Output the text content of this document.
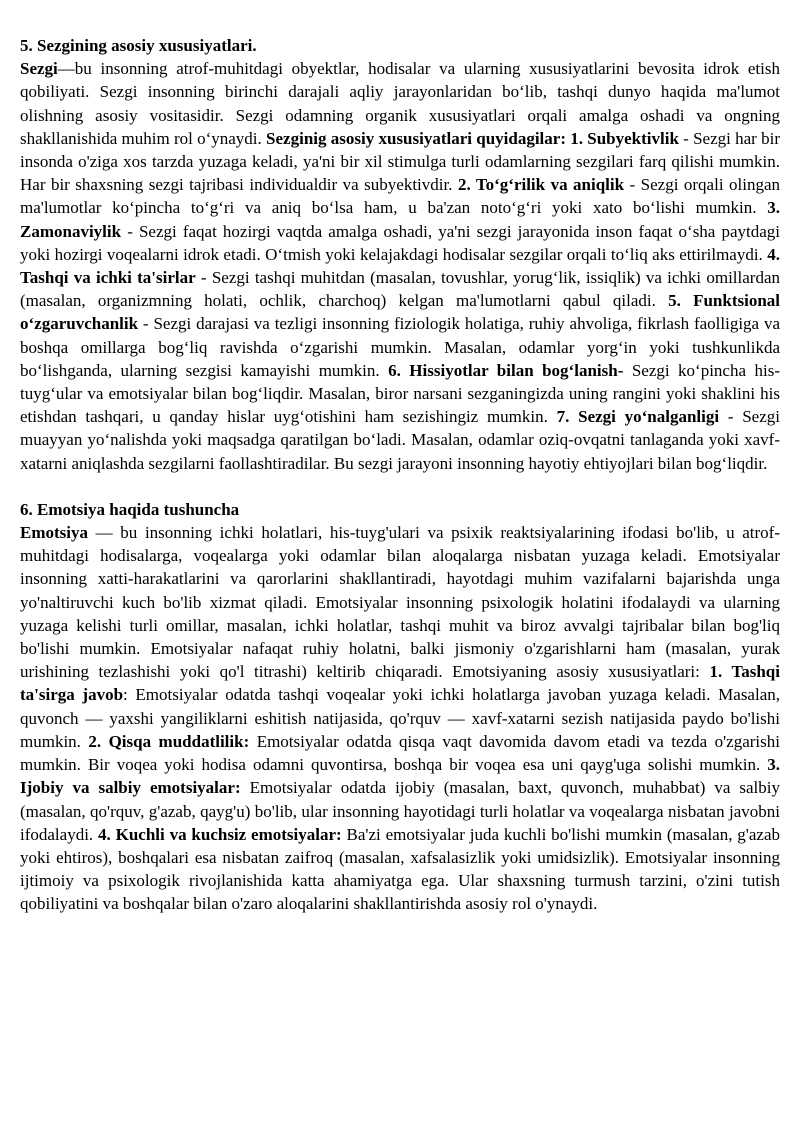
5. Sezgining asosiy xususiyatlari.

Sezgi—bu insonning atrof-muhitdagi obyektlar, hodisalar va ularning xususiyatlarini bevosita idrok etish qobiliyati. Sezgi insonning birinchi darajali aqliy jarayonlaridan bo‘lib, tashqi dunyo haqida ma'lumot olishning asosiy vositasidir. Sezgi odamning organik xususiyatlari orqali amalga oshadi va ongning shakllanishida muhim rol o‘ynaydi. Sezginig asosiy xususiyatlari quyidagilar: 1. Subyektivlik - Sezgi har bir insonda o'ziga xos tarzda yuzaga keladi, ya'ni bir xil stimulga turli odamlarning sezgilari farq qilishi mumkin. Har bir shaxsning sezgi tajribasi individualdir va subyektivdir. 2. To‘g‘rilik va aniqlik - Sezgi orqali olingan ma'lumotlar ko‘pincha to‘g‘ri va aniq bo‘lsa ham, u ba'zan noto‘g‘ri yoki xato bo‘lishi mumkin. 3. Zamonaviylik - Sezgi faqat hozirgi vaqtda amalga oshadi, ya'ni sezgi jarayonida inson faqat o‘sha paytdagi yoki hozirgi voqealarni idrok etadi. O‘tmish yoki kelajakdagi hodisalar sezgilar orqali to‘liq aks ettirilmaydi. 4. Tashqi va ichki ta'sirlar - Sezgi tashqi muhitdan (masalan, tovushlar, yorug‘lik, issiqlik) va ichki omillardan (masalan, organizmning holati, ochlik, charchoq) kelgan ma'lumotlarni qabul qiladi. 5. Funktsional o‘zgaruvchanlik - Sezgi darajasi va tezligi insonning fiziologik holatiga, ruhiy ahvoliga, fikrlash faolligiga va boshqa omillarga bog‘liq ravishda o‘zgarishi mumkin. Masalan, odamlar yorg‘in yoki tushkunlikda bo‘lishganda, ularning sezgisi kamayishi mumkin. 6. Hissiyotlar bilan bog‘lanish- Sezgi ko‘pincha his-tuyg‘ular va emotsiyalar bilan bog‘liqdir. Masalan, biror narsani sezganingizda uning rangini yoki shaklini his etishdan tashqari, u qanday hislar uyg‘otishini ham sezishingiz mumkin. 7. Sezgi yo‘nalganligi - Sezgi muayyan yo‘nalishda yoki maqsadga qaratilgan bo‘ladi. Masalan, odamlar oziq-ovqatni tanlaganda yoki xavf-xatarni aniqlashda sezgilarni faollashtiradilar. Bu sezgi jarayoni insonning hayotiy ehtiyojlari bilan bog‘liqdir.

6. Emotsiya haqida tushuncha

Emotsiya — bu insonning ichki holatlari, his-tuyg'ulari va psixik reaktsiyalarining ifodasi bo'lib, u atrof-muhitdagi hodisalarga, voqealarga yoki odamlar bilan aloqalarga nisbatan yuzaga keladi. Emotsiyalar insonning xatti-harakatlarini va qarorlarini shakllantiradi, hayotdagi muhim vazifalarni bajarishda unga yo'naltiruvchi kuch bo'lib xizmat qiladi. Emotsiyalar insonning psixologik holatini ifodalaydi va ularning yuzaga kelishi turli omillar, masalan, ichki holatlar, tashqi muhit va biroz avvalgi tajribalar bilan bog'liq bo'lishi mumkin. Emotsiyalar nafaqat ruhiy holatni, balki jismoniy o'zgarishlarni ham (masalan, yurak urishining tezlashishi yoki qo'l titrashi) keltirib chiqaradi. Emotsiyaning asosiy xususiyatlari: 1. Tashqi ta'sirga javob: Emotsiyalar odatda tashqi voqealar yoki ichki holatlarga javoban yuzaga keladi. Masalan, quvonch — yaxshi yangiliklarni eshitish natijasida, qo'rquv — xavf-xatarni sezish natijasida paydo bo'lishi mumkin. 2. Qisqa muddatlilik: Emotsiyalar odatda qisqa vaqt davomida davom etadi va tezda o'zgarishi mumkin. Bir voqea yoki hodisa odamni quvontirsa, boshqa bir voqea esa uni qayg'uga solishi mumkin. 3. Ijobiy va salbiy emotsiyalar: Emotsiyalar odatda ijobiy (masalan, baxt, quvonch, muhabbat) va salbiy (masalan, qo'rquv, g'azab, qayg'u) bo'lib, ular insonning hayotidagi turli holatlar va voqealarga nisbatan javobni ifodalaydi. 4. Kuchli va kuchsiz emotsiyalar: Ba'zi emotsiyalar juda kuchli bo'lishi mumkin (masalan, g'azab yoki ehtiros), boshqalari esa nisbatan zaifroq (masalan, xafsalasizlik yoki umidsizlik). Emotsiyalar insonning ijtimoiy va psixologik rivojlanishida katta ahamiyatga ega. Ular shaxsning turmush tarzini, o'zini tutish qobiliyatini va boshqalar bilan o'zaro aloqalarini shakllantirishda asosiy rol o'ynaydi.
